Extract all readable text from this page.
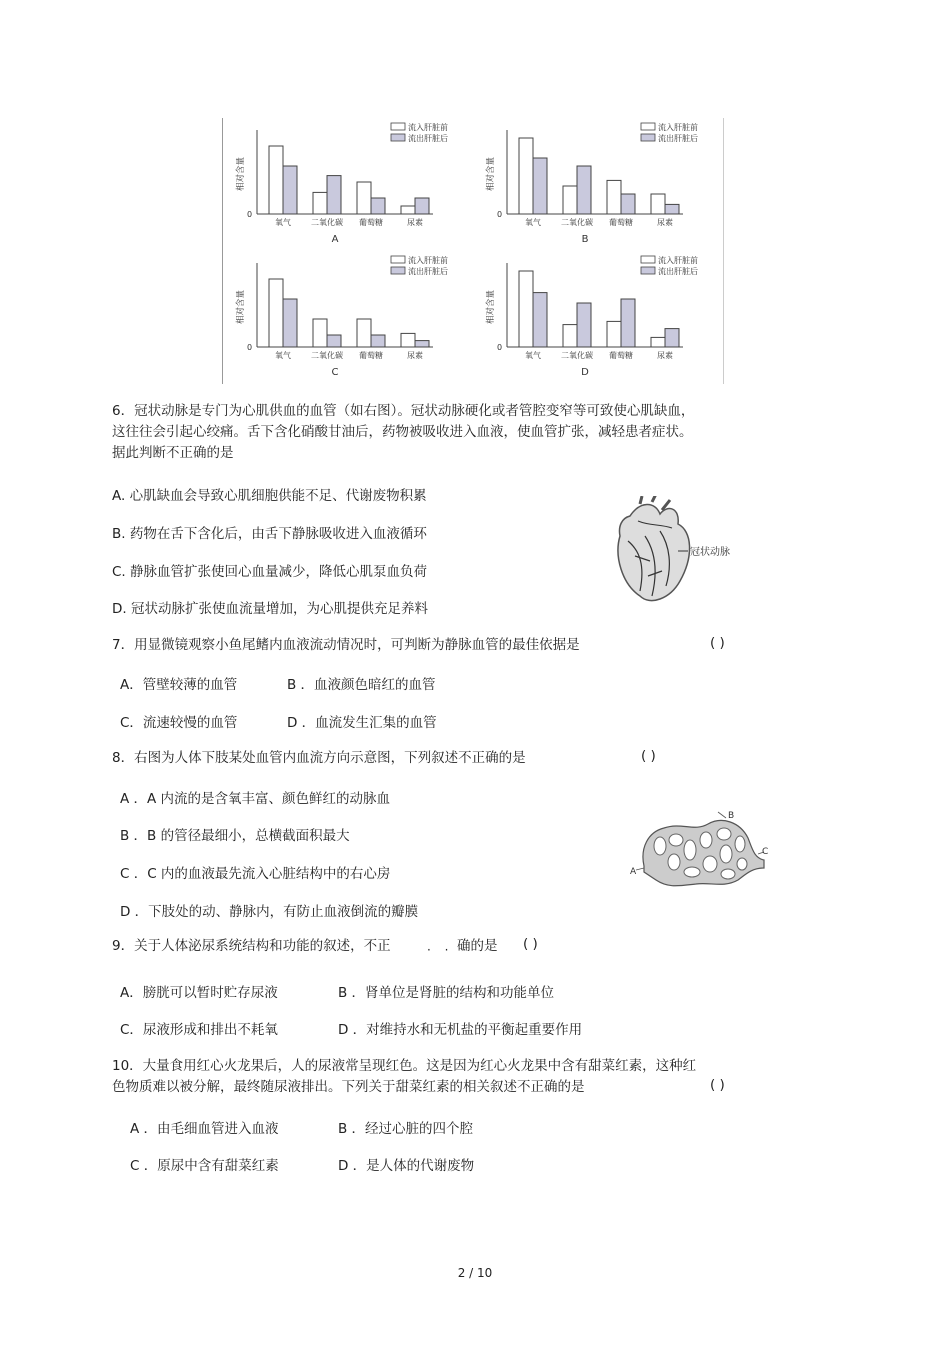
0
相对含量
氧气	二氧化碳 葡萄糖	尿素
流入肝脏前
流出肝脏后
A
0
相对含量
氧气	二氧化碳 葡萄糖	尿素
流入肝脏前
流出肝脏后
B
0
相对含量
氧气	二氧化碳 葡萄糖	尿素
流入肝脏前
流出肝脏后
C
0
相对含量
氧气	二氧化碳 葡萄糖	尿素
流入肝脏前
流出肝脏后
D
6．冠状动脉是专门为心肌供血的血管（如右图）。冠状动脉硬化或者管腔变窄等可致使心肌缺血，
这往往会引起心绞痛。舌下含化硝酸甘油后，药物被吸收进入血液，使血管扩张，减轻患者症状。
据此判断不正确的是
A. 心肌缺血会导致心肌细胞供能不足、代谢废物积累
B. 药物在舌下含化后，由舌下静脉吸收进入血液循环
C. 静脉血管扩张使回心血量减少，降低心肌泵血负荷
D. 冠状动脉扩张使血流量增加，为心肌提供充足养料
冠状动脉
7．用显微镜观察小鱼尾鳍内血液流动情况时，可判断为静脉血管的最佳依据是	( )
A．管壁较薄的血管	B ．血液颜色暗红的血管
C．流速较慢的血管	D ．血流发生汇集的血管
8．右图为人体下肢某处血管内血流方向示意图，下列叙述不正确的是	( )
A ．A 内流的是含氧丰富、颜色鲜红的动脉血
B ．B 的管径最细小，总横截面积最大
C ．C 内的血液最先流入心脏结构中的右心房
D ．下肢处的动、静脉内，有防止血液倒流的瓣膜
A
B
C
9．关于人体泌尿系统结构和功能的叙述，不正	确的是
· · ·	( )
A．膀胱可以暂时贮存尿液	B ．肾单位是肾脏的结构和功能单位
C．尿液形成和排出不耗氧	D ．对维持水和无机盐的平衡起重要作用
10．大量食用红心火龙果后，人的尿液常呈现红色。这是因为红心火龙果中含有甜菜红素，这种红
色物质难以被分解，最终随尿液排出。下列关于甜菜红素的相关叙述不正确的是	( )
A ．由毛细血管进入血液	B ．经过心脏的四个腔
C ．原尿中含有甜菜红素	D ．是人体的代谢废物
2 / 10
